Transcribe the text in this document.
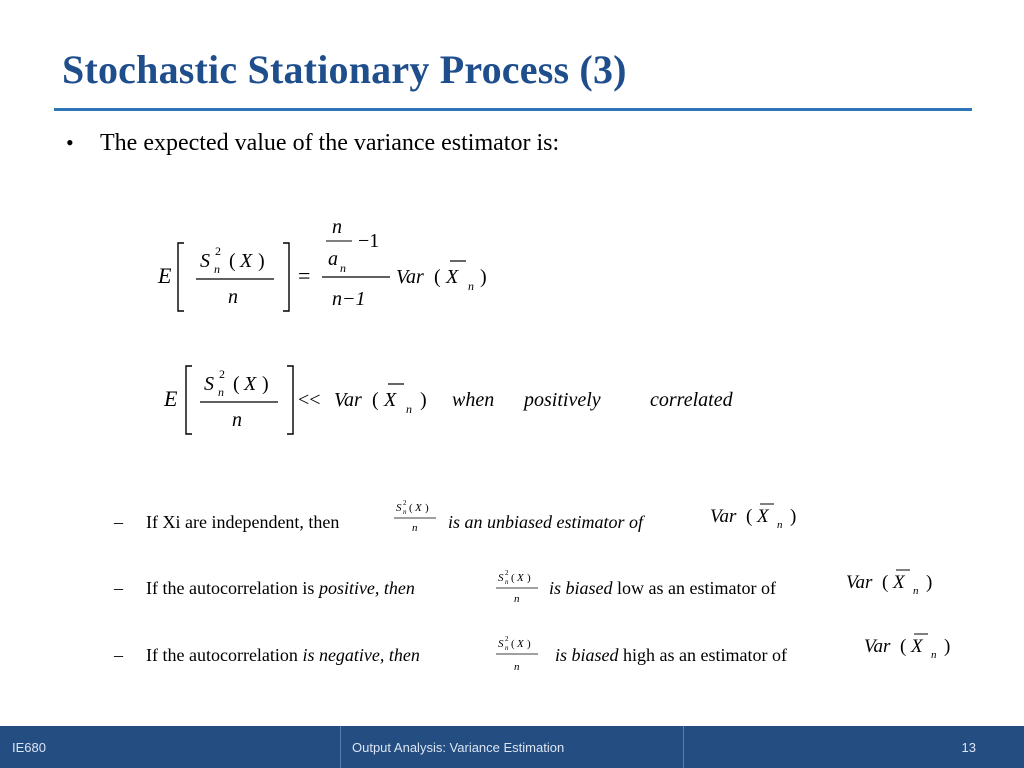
Stochastic Stationary Process (3)
• The expected value of the variance estimator is:
E
S 2
n ( X )
n
=
n
a n
−1
n−1
Var ( X n )
E
S 2
n ( X )
n
<< Var ( X n ) when positively correlated
– If Xi are independent, then
S 2
n ( X )
n is an unbiased estimator of	Var ( X n )
– If the autocorrelation is positive, then	S 2
n ( X )
n
is biased low as an estimator of	Var ( X n )
– If the autocorrelation is negative, then
S 2
n ( X )
n
is biased high as an estimator of	Var ( X n )
IE680	Output Analysis: Variance Estimation	13
